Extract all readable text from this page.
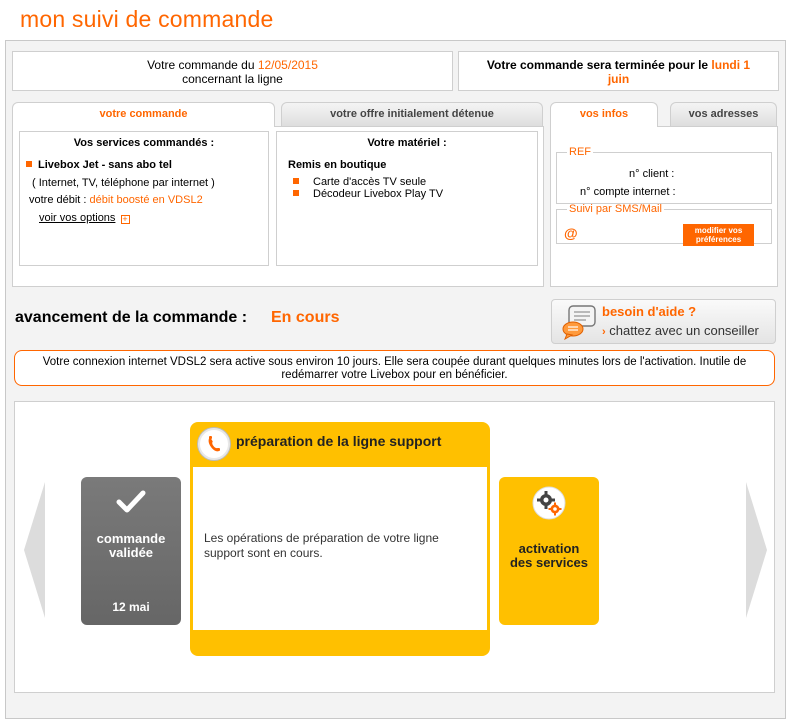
mon suivi de commande
Votre commande du 12/05/2015
concernant la ligne
Votre commande sera terminée pour le lundi 1
juin
votre commande	votre offre initialement détenue
Vos services commandés :
Livebox Jet - sans abo tel
( Internet, TV, téléphone par internet )
votre débit : débit boosté en VDSL2
voir vos options +
Votre matériel :
Remis en boutique
Carte d'accès TV seule
Décodeur Livebox Play TV
vos infos	vos adresses
REF
n° client :
n° compte internet :
Suivi par SMS/Mail
@	modifier vos
préférences
avancement de la commande : En cours	besoin d'aide ?
› chattez avec un conseiller
Votre connexion internet VDSL2 sera active sous environ 10 jours. Elle sera coupée durant quelques minutes lors de l'activation. Inutile de redémarrer votre Livebox pour en bénéficier.
commande
validée
12 mai
préparation de la ligne support
Les opérations de préparation de votre ligne support sont en cours.	activation
des services
